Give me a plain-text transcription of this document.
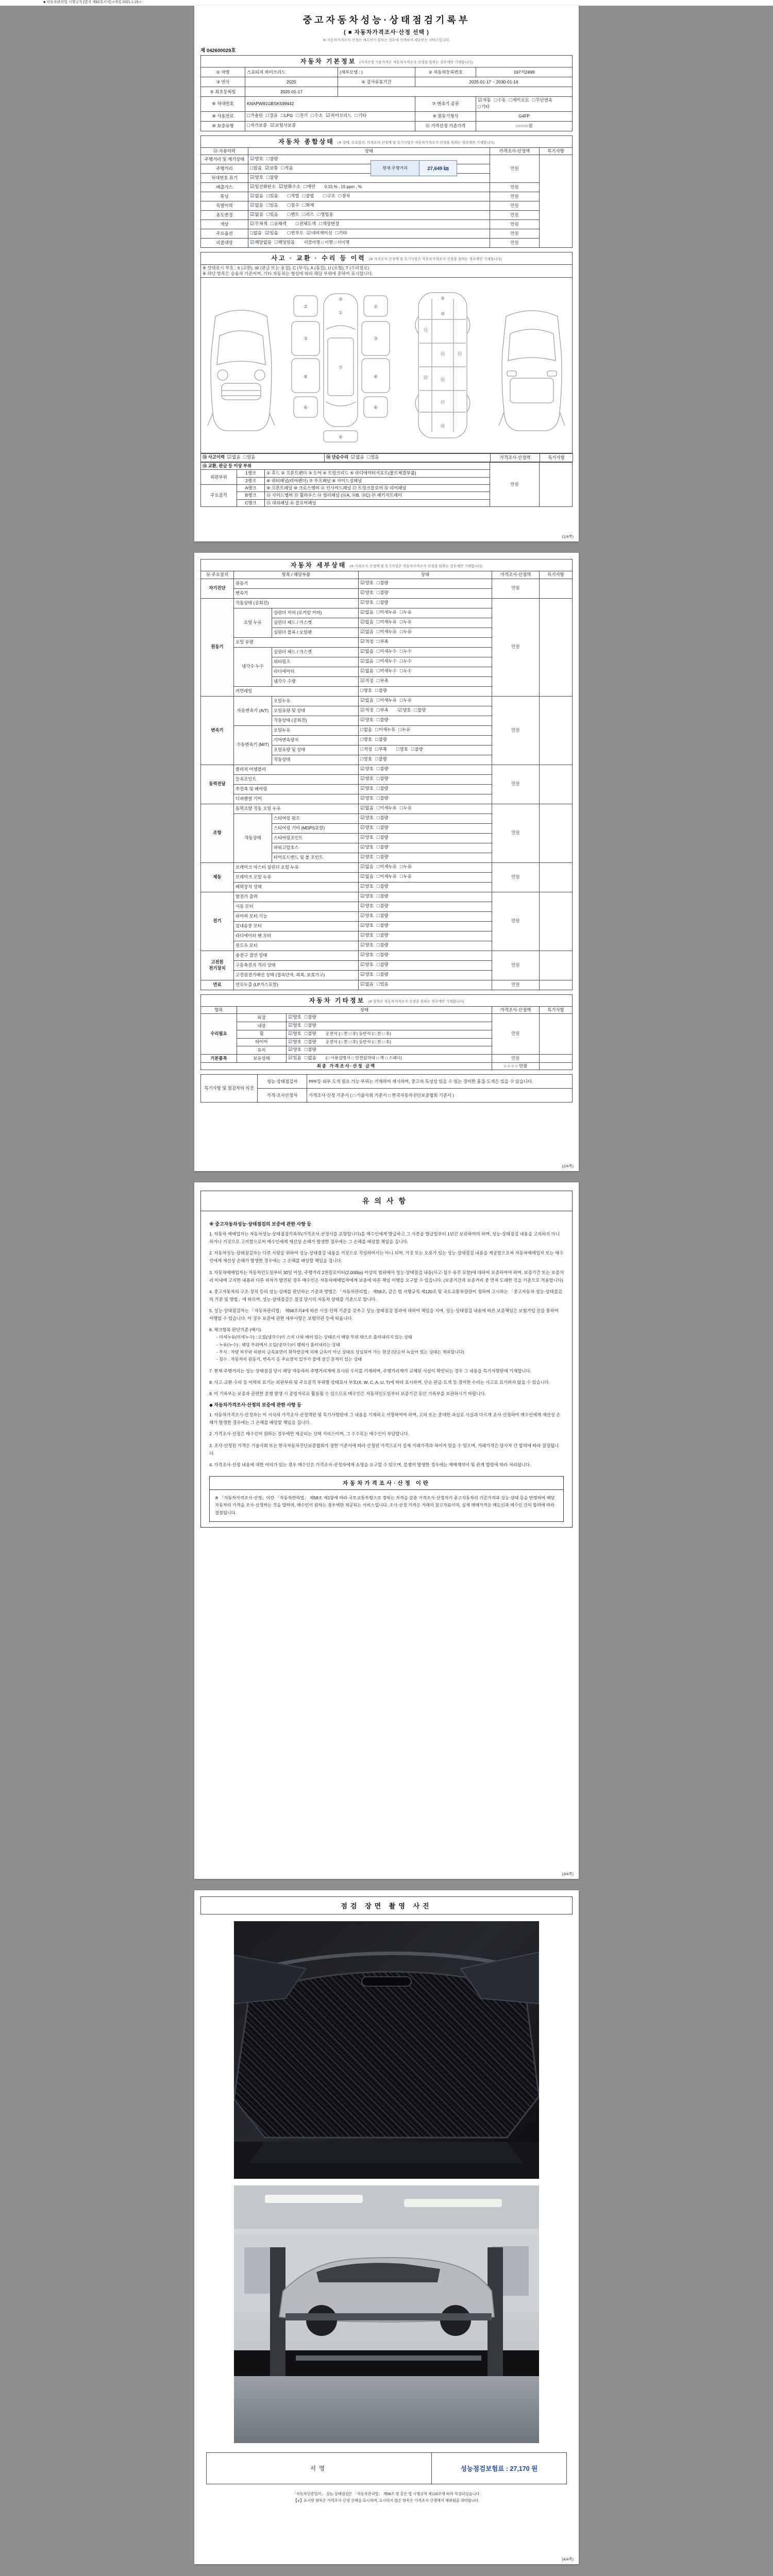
■ 자동차관리법 시행규칙 [별지 제82호서식] <개정 2021.1.19.>
중고자동차성능·상태점검기록부
( ■ 자동차가격조사·산정 선택 )
※ 자동차가격조사·산정은 매수인이 원하는 경우에 선택하여 제공받는 서비스입니다.
제 042600029호
자동차 기본정보 (가격산정 기준가격은 자동차가격조사·산정을 원하는 경우에만 기재합니다)				
① 차명	스포티지 하이브리드	(세부모델 : )	② 자동차등록번호	197거2499
③ 연식	2025	④ 검사유효기간	2025-01-17 ~ 2030-01-16	
⑤ 최초등록일	2025-01-17			
⑥ 차대번호	KNAPW81GBSK599442		⑦ 변속기 종류	☑자동 □수동 □세미오토 □무단변속□기타
⑧ 사용연료	□가솔린 □경유 □LPG □전기 □수소 ☑하이브리드 □기타		⑨ 원동기형식	G4FP
⑩ 보증유형	□자가보증 ☑보험사보증		⑪ 가격산정 기준가격	○○○○○원
자동차 종합상태 (※ 상태, 주요옵션, 가격조사·산정액 및 특기사항은 자동차가격조사·산정을 원하는 경우에만 기재합니다)			
⑫ 사용이력	상태	가격조사·산정액	특기사항
주행거리 및 계기상태	☑양호 □불량	만원	
주행거리	□많음 ☑보통 □적음		
차대번호 표기	☑양호 □불량		
배출가스	☑일산화탄소 ☑탄화수소 □매연 0.15 % , 15 ppm , %	만원	
튜닝	☑없음 □있음 □적법 □불법 □구조 □장치	만원	
특별이력	☑없음 □있음 □침수 □화재	만원	
용도변경	☑없음 □있음 □렌트 □리스 □영업용	만원	
색상	☑무채색 □유채색 □전체도색 □색상변경	만원	
주요옵션	□없음 ☑있음 □썬루프 ☑네비게이션 □기타	만원	
리콜대상	☑해당없음 □해당있음 리콜이행 □ 이행 □ 미이행	만원	
현재 주행거리	27,649 ㎞
사고 · 교환 · 수리 등 이력 (※ 가격조사·산정액 및 특기사항은 자동차가격조사·산정을 원하는 경우에만 기재합니다)

※ 상태표시 부호 : X (교환), W (판금 또는 용접), C (부식), A (흠집), U (요철), T (수리필요)
※ 하단 항목은 승용차 기준이며, 기타 자동차는 형상에 따라 해당 부위에 준하여 표시합니다.

①
②	②
③	③
④
⑤
⑥	⑥
⑦
⑧	⑧
⑨
⑩
⑪
⑫
⑬
⑮
⑯
⑰
⑱
⑬ 사고이력 ☑없음 □있음	⑭ 단순수리 ☑없음 □있음	가격조사·산정액	특기사항
⑮ 교환, 판금 등 이상 부위			만원	
외판부위	1랭크	① 후드 ② 프론트펜더 ③ 도어 ④ 트렁크리드 ⑤ 라디에이터서포트(볼트체결부품)		
	2랭크	⑥ 쿼터패널(리어펜더) ⑦ 루프패널 ⑧ 사이드실패널		
주요골격	A랭크	⑨ 프론트패널 ⑩ 크로스멤버 ⑪ 인사이드패널 ⑰ 트렁크플로어 ⑱ 리어패널		
	B랭크	⑫ 사이드멤버 ⑬ 휠하우스 ⑭ 필러패널 (⑭A, ⑭B, ⑭C) ⑲ 패키지트레이		
	C랭크	⑮ 대쉬패널 ⑯ 플로어패널		
(1/4쪽)
자동차 세부상태 (※ 가격조사·산정액 및 특기사항은 자동차가격조사·산정을 원하는 경우에만 기재합니다)					
⑯ 주요장치	항목 / 해당부품		상태	가격조사·산정액	특기사항
자기진단	원동기		☑양호 □불량	만원	
	변속기		☑양호 □불량		
원동기	작동상태 (공회전)		☑양호 □불량	만원	
	오일 누유	실린더 커버 (로커암 커버)	☑없음 □미세누유 □누유		
		실린더 헤드 / 가스켓	☑없음 □미세누유 □누유		
		실린더 블록 / 오일팬	☑없음 □미세누유 □누유		
	오일 유량		☑적정 □부족		
	냉각수 누수	실린더 헤드 / 가스켓	☑없음 □미세누수 □누수		
		워터펌프	☑없음 □미세누수 □누수		
		라디에이터	☑없음 □미세누수 □누수		
		냉각수 수량	☑적정 □부족		
	커먼레일		□양호 □불량		
변속기	자동변속기 (A/T)	오일누유	☑없음 □미세누유 □누유	만원	
		오일유량 및 상태	☑적정 □부족 ☑양호 □불량		
		작동상태 (공회전)	☑양호 □불량		
	수동변속기 (M/T)	오일누유	□없음 □미세누유 □누유		
		기어변속장치	□양호 □불량		
		오일유량 및 상태	□적정 □부족 □양호 □불량		
		작동상태	□양호 □불량		
동력전달	클러치 어셈블리		☑양호 □불량	만원	
	등속조인트		☑양호 □불량		
	추진축 및 베어링		☑양호 □불량		
	디퍼렌셜 기어		☑양호 □불량		
조향	동력조향 작동 오일 누유		☑없음 □미세누유 □누유	만원	
	작동상태	스티어링 펌프	☑양호 □불량		
		스티어링 기어 (MDPS포함)	☑양호 □불량		
		스티어링조인트	☑양호 □불량		
		파워고압호스	☑양호 □불량		
		타이로드엔드 및 볼 조인트	☑양호 □불량		
제동	브레이크 마스터 실린더 오일 누유		☑없음 □미세누유 □누유	만원	
	브레이크 오일 누유		☑없음 □미세누유 □누유		
	배력장치 상태		☑양호 □불량		
전기	발전기 출력		☑양호 □불량	만원	
	시동 모터		☑양호 □불량		
	와이퍼 모터 기능		☑양호 □불량		
	실내송풍 모터		☑양호 □불량		
	라디에이터 팬 모터		☑양호 □불량		
	윈도우 모터		☑양호 □불량		
고전원 전기장치	충전구 절연 상태		☑양호 □불량	만원	
	구동축전지 격리 상태		☑양호 □불량		
	고전원전기배선 상태 (접속단자, 피복, 보호기구)		☑양호 □불량		
연료	연료누출 (LP가스포함)		☑없음 □있음	만원	
자동차 기타정보 (※ 항목은 자동차가격조사·산정을 원하는 경우에만 기재합니다)				
항목	상태		가격조사·산정액	특기사항
수리필요	외장	☑양호 □불량	만원	
	내장	☑양호 □불량		
	휠	☑양호 □불량 운전석 (□ 전 □ 후) 동반석 (□ 전 □ 후)		
	타이어	☑양호 □불량 운전석 (□ 전 □ 후) 동반석 (□ 전 □ 후)		
	유리	☑양호 □불량		
기본품목	보유상태	☑있음 □없음 (□ 사용설명서 □ 안전삼각대 □ 잭 □ 스패너)	만원	
최종 가격조사·산정 금액			○ ○ ○ ○ 만원	
특기사항 및 점검자의 의견	성능·상태점검자	PPF등 외부 도색 필요 가능 부위는 기재하여 제시하며, 중고차 특성상 있을 수 있는 경미한 흠집·도색은 있을 수 있습니다.
	가격·조사산정자	가격조사·산정 기준서 ( □ 기술사회 기준서 □ 한국자동차진단보증협회 기준서 )
(2/4쪽)
유의사항
※ 중고자동차성능·상태점검의 보증에 관한 사항 등
1. 자동차 매매업자는 자동차성능·상태점검기록부(가격조사·산정서를 포함합니다)를 매수인에게 발급하고 그 사본을 발급일부터 1년간 보관하여야 하며, 성능·상태점검 내용을 고지하지 아니하거나 거짓으로 고지함으로써 매수인에게 재산상 손해가 발생한 경우에는 그 손해를 배상할 책임을 집니다.
2. 자동차성능·상태점검자는 다른 사람을 위하여 성능·상태점검 내용을 거짓으로 작성하여서는 아니 되며, 거짓 또는 오류가 있는 성능·상태점검 내용을 제공함으로써 자동차매매업자 또는 매수인에게 재산상 손해가 발생한 경우에는 그 손해를 배상할 책임을 집니다.
3. 자동차매매업자는 자동차인도일부터 30일 이상, 주행거리 2천킬로미터(2,000㎞) 이상의 범위에서 성능·상태점검 내용(사고·침수 유무 포함)에 대하여 보증하여야 하며, 보증기간 또는 보증거리 이내에 고지한 내용과 다른 하자가 발견된 경우 매수인은 자동차매매업자에게 보증에 따른 책임 이행을 요구할 수 있습니다. (보증기간과 보증거리 중 먼저 도래한 것을 기준으로 적용합니다)
4. 중고자동차의 구조·장치 등의 성능·상태를 판단하는 기준과 방법은 「자동차관리법」 제58조, 같은 법 시행규칙 제120조 및 국토교통부장관이 정하여 고시하는 「중고자동차 성능·상태점검의 기준 및 방법」에 따르며, 성능·상태점검은 점검 당시의 자동차 상태를 기준으로 합니다.
5. 성능·상태점검자는 「자동차관리법」 제58조의4에 따른 시설·인력 기준을 갖추고 성능·상태점검 결과에 대하여 책임을 지며, 성능·상태점검 내용에 따른 보증책임은 보험가입 등을 통하여 이행할 수 있습니다. 이 경우 보증에 관한 세부사항은 보험약관 등에 따릅니다.
6. 체크항목 판단기준 (예시)
- 미세누유(미세누수) : 오일(냉각수)이 스며 나와 배어 있는 상태로서 해당 부위 밖으로 흘러내리지 않는 상태
- 누유(누수) : 해당 부위에서 오일(냉각수)이 맺혀서 흘러내리는 상태
- 부식 : 차량 하부와 외판의 금속표면이 화학반응에 의해 금속이 아닌 상태로 상실되어 가는 현상 (단순히 녹슬어 있는 상태는 제외합니다)
- 침수 : 자동차의 원동기, 변속기 등 주요장치 일부가 물에 잠긴 흔적이 있는 상태
7. 현재 주행거리는 성능·상태점검 당시 해당 자동차의 주행거리계에 표시된 수치를 기재하며, 주행거리계가 교체된 사실이 확인되는 경우 그 내용을 특기사항란에 기재합니다.
8. 사고·교환·수리 등 이력의 표기는 외판부위 및 주요골격 부위별 상태표시 부호(X, W, C, A, U, T)에 따라 표시하며, 단순 판금·도색 등 경미한 수리는 사고로 표기하지 않을 수 있습니다.
9. 이 기록부는 보증과 관련한 분쟁 발생 시 증빙자료로 활용될 수 있으므로 매수인은 자동차인도일부터 보증기간 동안 기록부를 보관하시기 바랍니다.
◆ 자동차가격조사·산정의 보증에 관한 사항 등
1. 자동차가격조사·산정자는 이 서식의 가격조사·산정액란 및 특기사항란에 그 내용을 기재하고 서명하여야 하며, 고의 또는 중대한 과실로 사실과 다르게 조사·산정하여 매수인에게 재산상 손해가 발생한 경우에는 그 손해를 배상할 책임을 집니다.
2. 가격조사·산정은 매수인이 원하는 경우에만 제공되는 선택 서비스이며, 그 수수료는 매수인이 부담합니다.
3. 조사·산정된 가격은 기술사회 또는 한국자동차진단보증협회가 정한 기준서에 따라 산정된 가격으로서 실제 거래가격과 차이가 있을 수 있으며, 거래가격은 당사자 간 합의에 따라 결정됩니다.
4. 가격조사·산정 내용에 대한 이의가 있는 경우 매수인은 가격조사·산정자에게 소명을 요구할 수 있으며, 분쟁이 발생한 경우에는 매매계약서 및 관계 법령에 따라 처리됩니다.
자동차가격조사·산정 이란
※ 「자동차가격조사·산정」이란 「자동차관리법」 제58조 제1항에 따라 국토교통부령으로 정하는 자격을 갖춘 가격조사·산정자가 중고자동차의 기준가격과 성능·상태 등을 반영하여 해당 자동차의 가격을 조사·산정하는 것을 말하며, 매수인이 원하는 경우에만 제공되는 서비스입니다. 조사·산정 가격은 거래의 참고자료이며, 실제 매매가격은 매도인과 매수인 간의 합의에 따라 결정됩니다.
(3/4쪽)
점검 장면 촬영 사진
서명	성능점검보험료 : 27,170 원
「자동차인증딜러」 성능·상태점검은 「자동차관리법」 제58조 및 같은 법 시행규칙 제120조에 따라 작성되었습니다.
【∨】표시한 항목은 가격조사·산정 선택을 표시하며, 표시하지 않은 항목은 가격조사·산정에서 제외됨을 의미합니다.
(4/4쪽)
